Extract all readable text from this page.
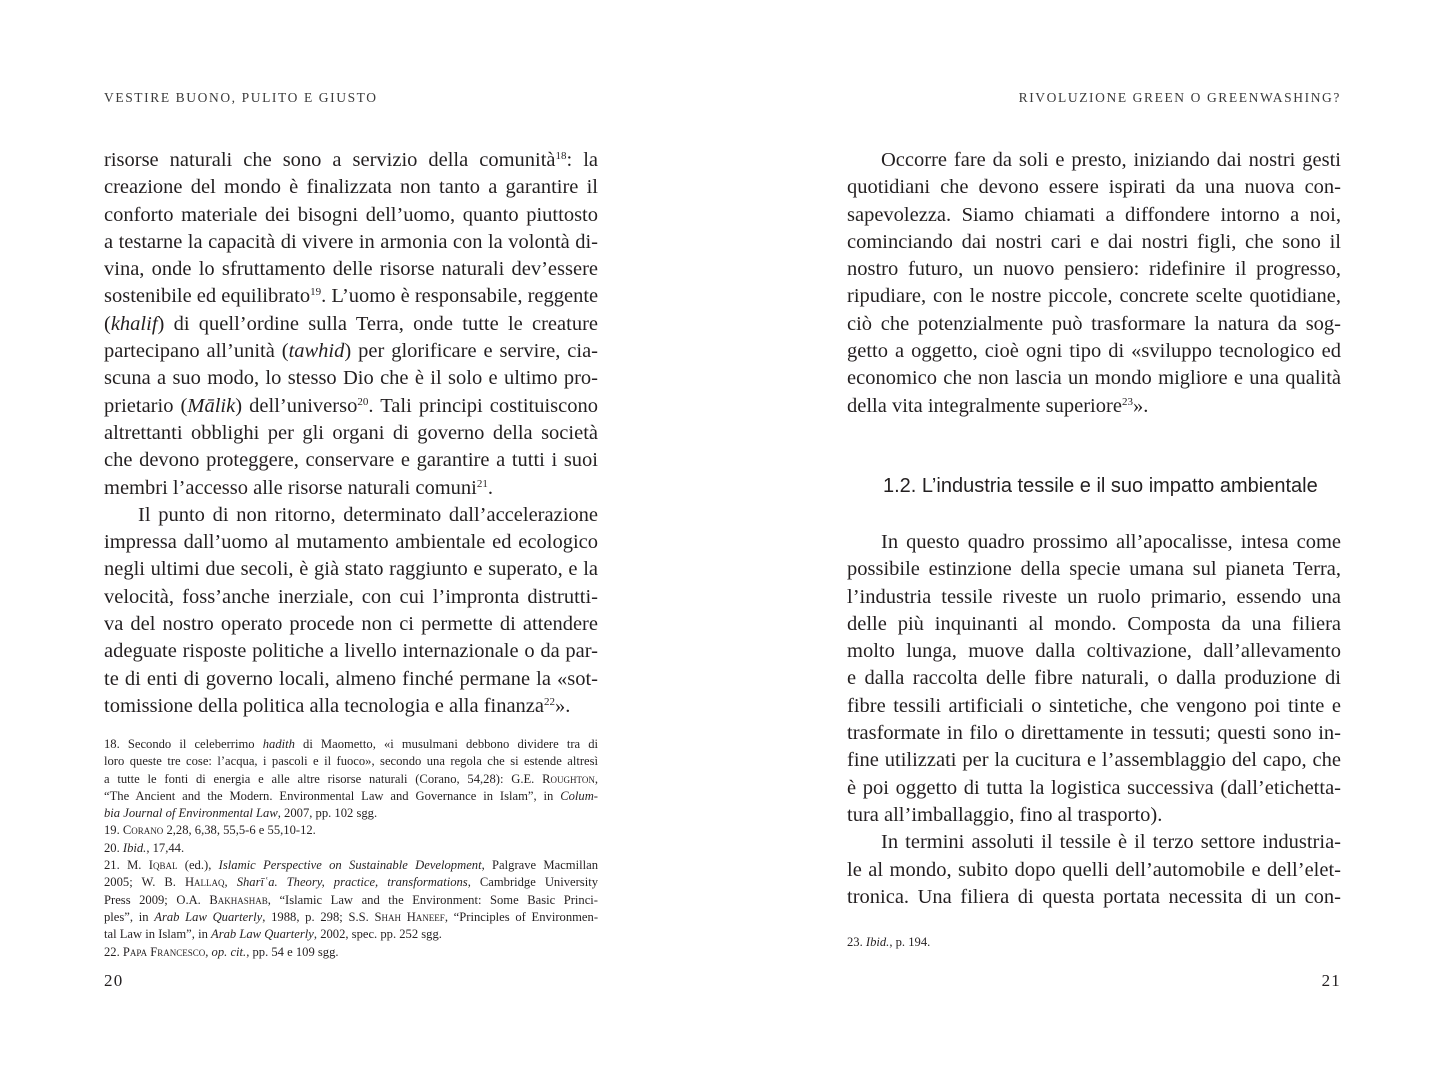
VESTIRE BUONO, PULITO E GIUSTO
risorse naturali che sono a servizio della comunità$^{18}$: la
creazione del mondo è finalizzata non tanto a garantire il
conforto materiale dei bisogni dell’uomo, quanto piuttosto
a testarne la capacità di vivere in armonia con la volontà di-
vina, onde lo sfruttamento delle risorse naturali dev’essere
sostenibile ed equilibrato$^{19}$. L’uomo è responsabile, reggente
(khalif) di quell’ordine sulla Terra, onde tutte le creature
partecipano all’unità (tawhid) per glorificare e servire, cia-
scuna a suo modo, lo stesso Dio che è il solo e ultimo pro-
prietario (Mālik) dell’universo$^{20}$. Tali principi costituiscono
altrettanti obblighi per gli organi di governo della società
che devono proteggere, conservare e garantire a tutti i suoi
membri l’accesso alle risorse naturali comuni$^{21}$.
Il punto di non ritorno, determinato dall’accelerazione
impressa dall’uomo al mutamento ambientale ed ecologico
negli ultimi due secoli, è già stato raggiunto e superato, e la
velocità, foss’anche inerziale, con cui l’impronta distrutti-
va del nostro operato procede non ci permette di attendere
adeguate risposte politiche a livello internazionale o da par-
te di enti di governo locali, almeno finché permane la «sot-
tomissione della politica alla tecnologia e alla finanza$^{22}$».
18. Secondo il celeberrimo hadith di Maometto, «i musulmani debbono dividere tra di
loro queste tre cose: l’acqua, i pascoli e il fuoco», secondo una regola che si estende altresì
a tutte le fonti di energia e alle altre risorse naturali (Corano, 54,28): G.E. Roughton,
“The Ancient and the Modern. Environmental Law and Governance in Islam”, in Colum-
bia Journal of Environmental Law, 2007, pp. 102 sgg.
19. Corano 2,28, 6,38, 55,5-6 e 55,10-12.
20. Ibid., 17,44.
21. M. Iqbal (ed.), Islamic Perspective on Sustainable Development, Palgrave Macmillan
2005; W. B. Hallaq, Sharīʿa. Theory, practice, transformations, Cambridge University
Press 2009; O.A. Bakhashab, “Islamic Law and the Environment: Some Basic Princi-
ples”, in Arab Law Quarterly, 1988, p. 298; S.S. Shah Haneef, “Principles of Environmen-
tal Law in Islam”, in Arab Law Quarterly, 2002, spec. pp. 252 sgg.
22. Papa Francesco, op. cit., pp. 54 e 109 sgg.
20
RIVOLUZIONE GREEN O GREENWASHING?
Occorre fare da soli e presto, iniziando dai nostri gesti
quotidiani che devono essere ispirati da una nuova con-
sapevolezza. Siamo chiamati a diffondere intorno a noi,
cominciando dai nostri cari e dai nostri figli, che sono il
nostro futuro, un nuovo pensiero: ridefinire il progresso,
ripudiare, con le nostre piccole, concrete scelte quotidiane,
ciò che potenzialmente può trasformare la natura da sog-
getto a oggetto, cioè ogni tipo di «sviluppo tecnologico ed
economico che non lascia un mondo migliore e una qualità
della vita integralmente superiore$^{23}$».
1.2. L’industria tessile e il suo impatto ambientale
In questo quadro prossimo all’apocalisse, intesa come
possibile estinzione della specie umana sul pianeta Terra,
l’industria tessile riveste un ruolo primario, essendo una
delle più inquinanti al mondo. Composta da una filiera
molto lunga, muove dalla coltivazione, dall’allevamento
e dalla raccolta delle fibre naturali, o dalla produzione di
fibre tessili artificiali o sintetiche, che vengono poi tinte e
trasformate in filo o direttamente in tessuti; questi sono in-
fine utilizzati per la cucitura e l’assemblaggio del capo, che
è poi oggetto di tutta la logistica successiva (dall’etichetta-
tura all’imballaggio, fino al trasporto).
In termini assoluti il tessile è il terzo settore industria-
le al mondo, subito dopo quelli dell’automobile e dell’elet-
tronica. Una filiera di questa portata necessita di un con-
23. Ibid., p. 194.
21
